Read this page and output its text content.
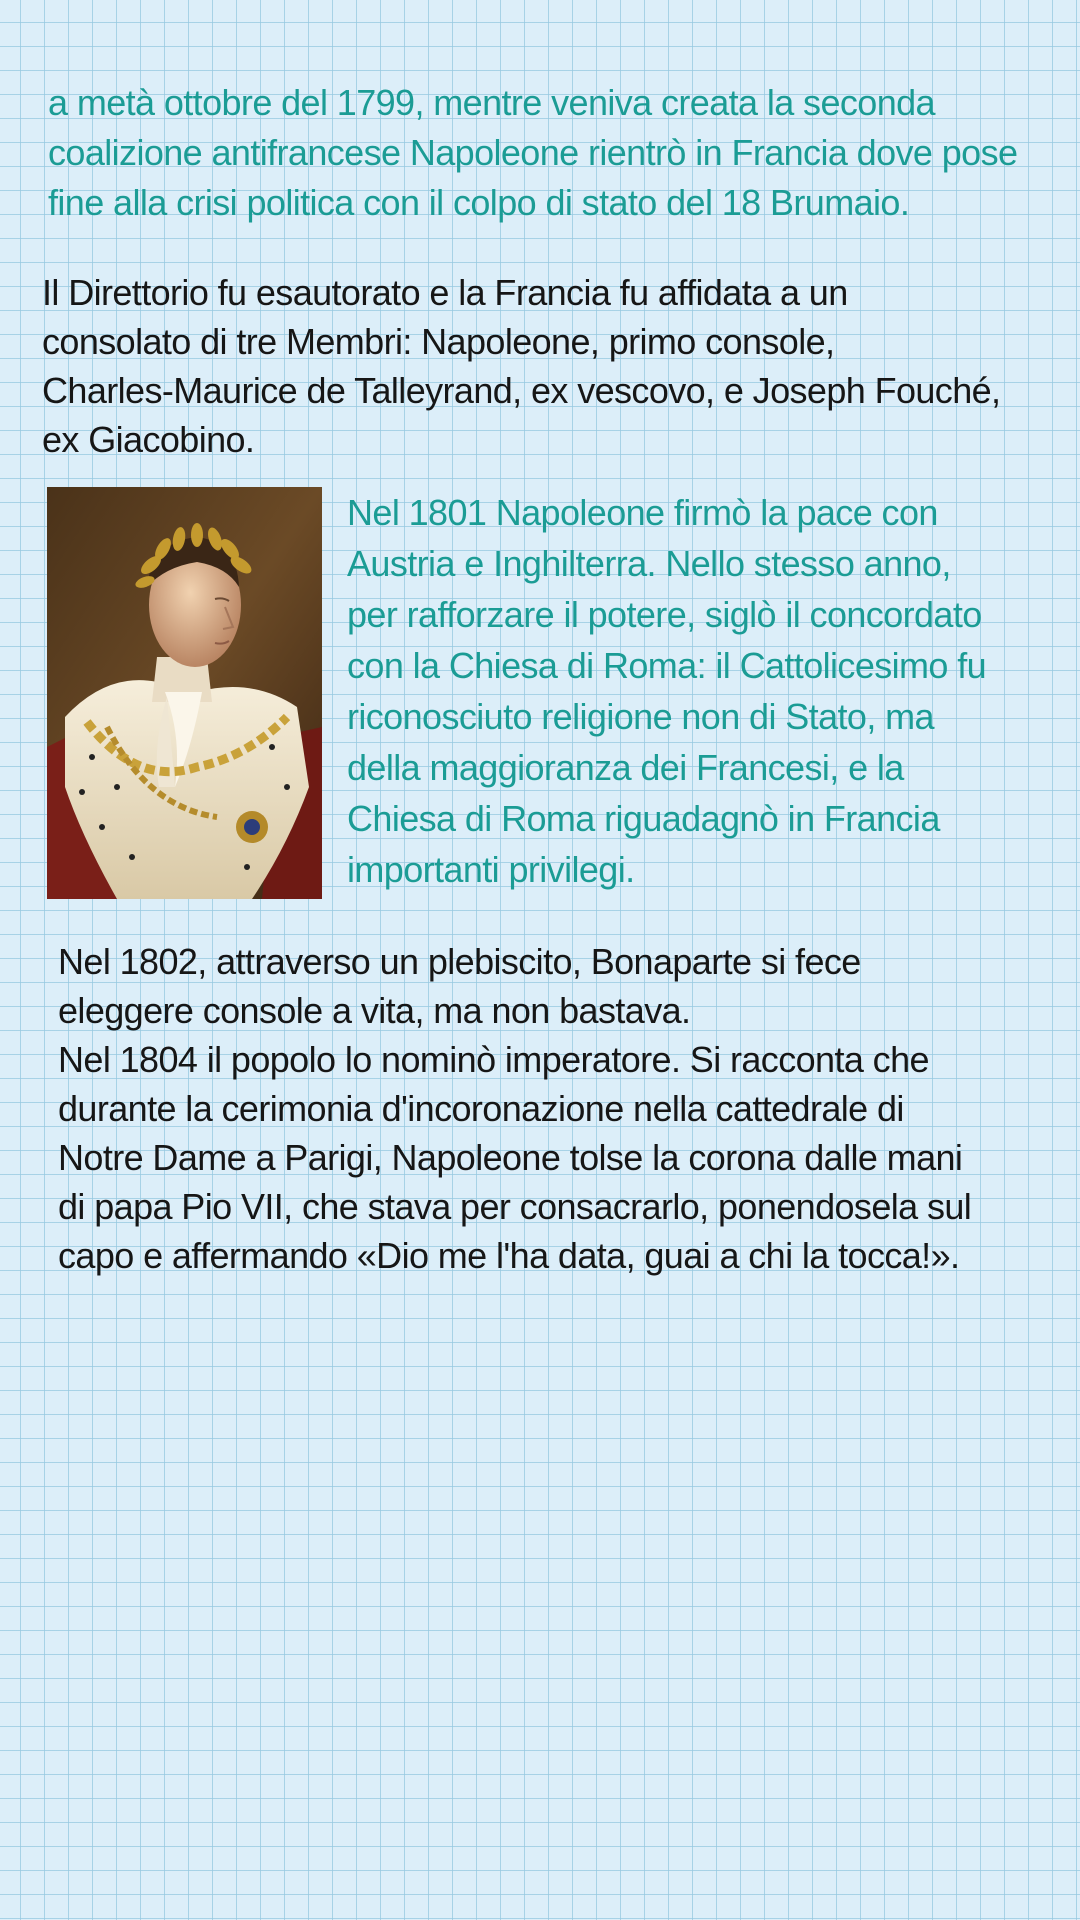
a metà ottobre del 1799, mentre veniva creata la seconda
coalizione antifrancese Napoleone rientrò in Francia dove pose
fine alla crisi politica con il colpo di stato del 18 Brumaio.
Il Direttorio fu esautorato e la Francia fu affidata a un
consolato di tre Membri: Napoleone, primo console,
Charles-Maurice de Talleyrand, ex vescovo, e Joseph Fouché,
ex Giacobino.
Nel 1801 Napoleone firmò la pace con
Austria e Inghilterra. Nello stesso anno,
per rafforzare il potere, siglò il concordato
con la Chiesa di Roma: il Cattolicesimo fu
riconosciuto religione non di Stato, ma
della maggioranza dei Francesi, e la
Chiesa di Roma riguadagnò in Francia
importanti privilegi.
Nel 1802, attraverso un plebiscito, Bonaparte si fece
eleggere console a vita, ma non bastava.
Nel 1804 il popolo lo nominò imperatore. Si racconta che
durante la cerimonia d'incoronazione nella cattedrale di
Notre Dame a Parigi, Napoleone tolse la corona dalle mani
di papa Pio VII, che stava per consacrarlo, ponendosela sul
capo e affermando «Dio me l'ha data, guai a chi la tocca!».
